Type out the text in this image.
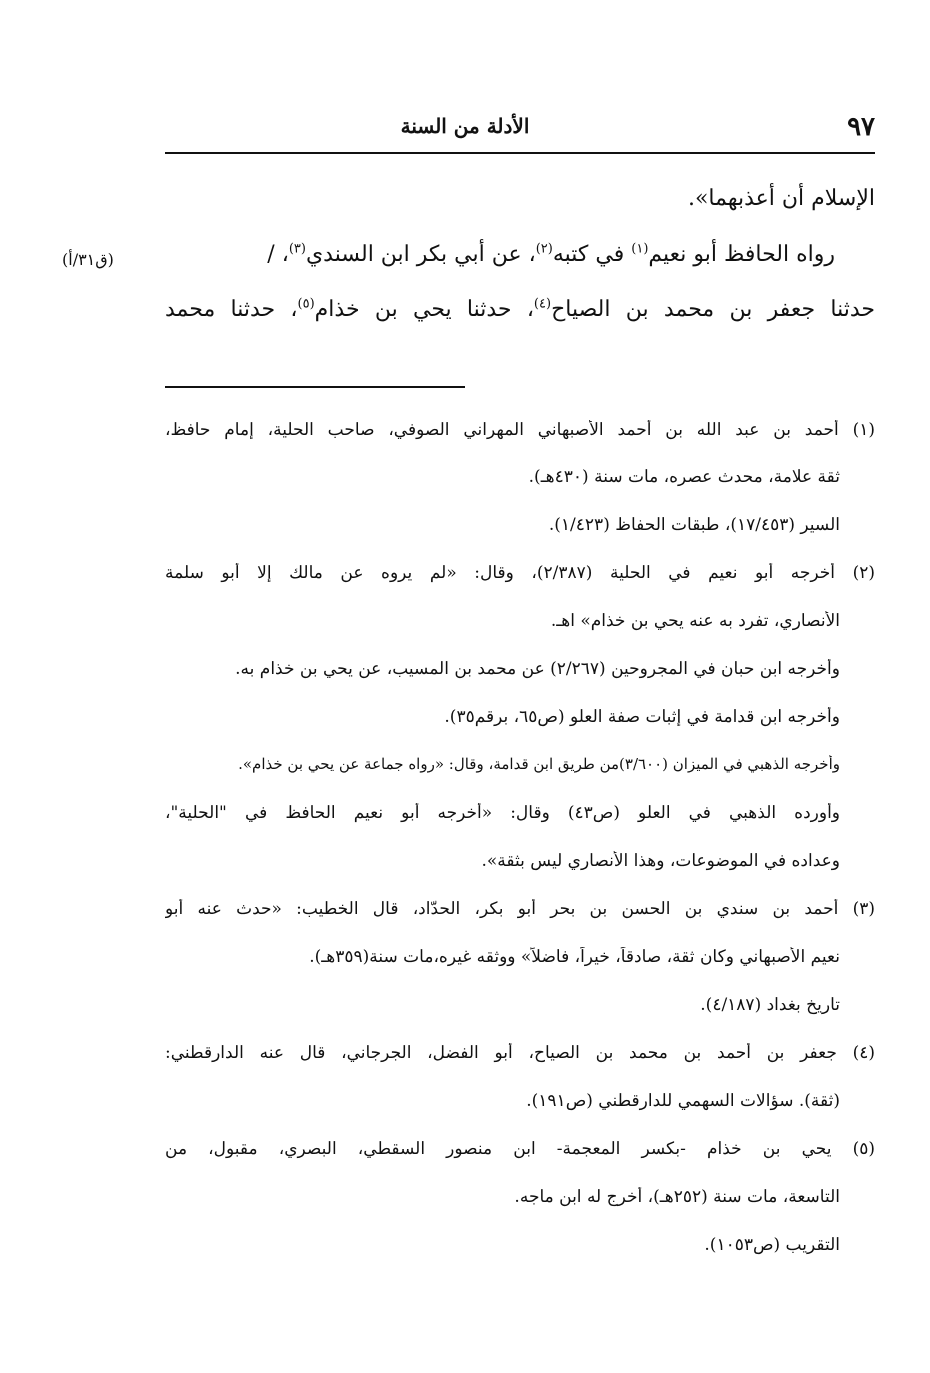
٩٧
الأدلة من السنة
الإسلام أن أعذبهما».
رواه الحافظ أبو نعيم$^{(١)}$ في كتبه$^{(٢)}$، عن أبي بكر ابن السندي$^{(٣)}$، /
(ق٣١/أ)
حدثنا جعفر بن محمد بن الصياح$^{(٤)}$، حدثنا يحي بن خذام$^{(٥)}$، حدثنا محمد
(١) أحمد بن عبد الله بن أحمد الأصبهاني المهراني الصوفي، صاحب الحلية، إمام حافظ،
ثقة علامة، محدث عصره، مات سنة (٤٣٠هـ).
السير (١٧/٤٥٣)، طبقات الحفاظ (١/٤٢٣).
(٢) أخرجه أبو نعيم في الحلية (٢/٣٨٧)، وقال: «لم يروه عن مالك إلا أبو سلمة
الأنصاري، تفرد به عنه يحي بن خذام» اهـ.
وأخرجه ابن حبان في المجروحين (٢/٢٦٧) عن محمد بن المسيب، عن يحي بن خذام به.
وأخرجه ابن قدامة في إثبات صفة العلو (ص٦٥، برقم٣٥).
وأخرجه الذهبي في الميزان (٣/٦٠٠)من طريق ابن قدامة، وقال: «رواه جماعة عن يحي بن خذام».
وأورده الذهبي في العلو (ص٤٣) وقال: «أخرجه أبو نعيم الحافظ في "الحلية"،
وعداده في الموضوعات، وهذا الأنصاري ليس بثقة».
(٣) أحمد بن سندي بن الحسن بن بحر أبو بكر، الحدّاد، قال الخطيب: «حدث عنه أبو
نعيم الأصبهاني وكان ثقة، صادقاً، خيراً، فاضلاً» ووثقه غيره،مات سنة(٣٥٩هـ).
تاريخ بغداد (٤/١٨٧).
(٤) جعفر بن أحمد بن محمد بن الصياح، أبو الفضل، الجرجاني، قال عنه الدارقطني:
(ثقة). سؤالات السهمي للدارقطني (ص١٩١).
(٥) يحي بن خذام -بكسر المعجمة- ابن منصور السقطي، البصري، مقبول، من
التاسعة، مات سنة (٢٥٢هـ)، أخرج له ابن ماجه.
التقريب (ص١٠٥٣).
